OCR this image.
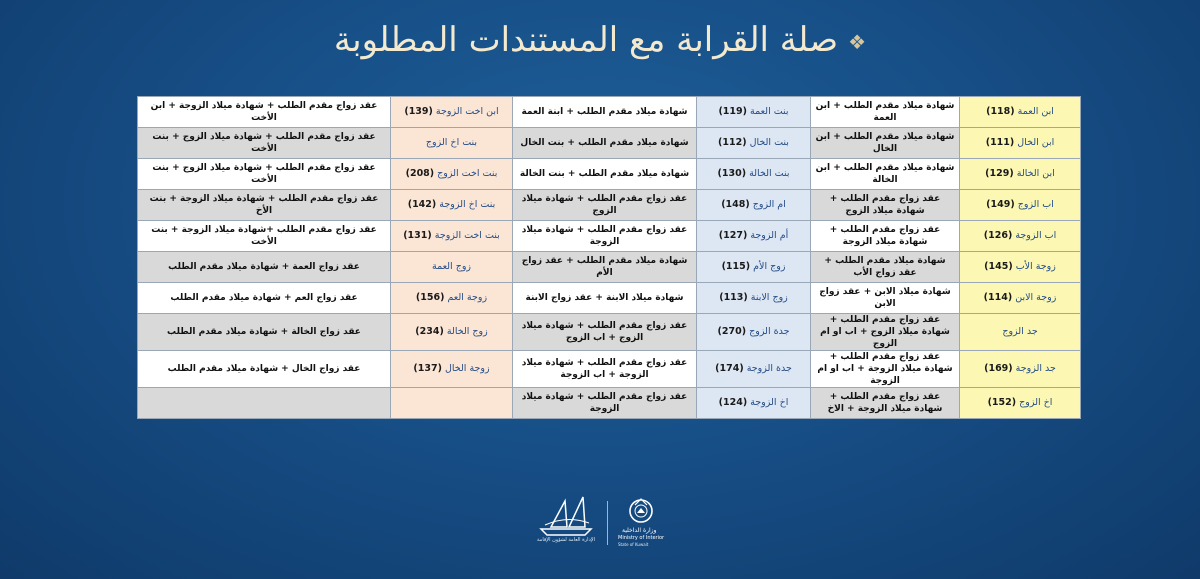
❖صلة القرابة مع المستندات المطلوبة
ابن العمة (118)	شهادة ميلاد مقدم الطلب + ابن العمة	بنت العمة (119)	شهادة ميلاد مقدم الطلب + ابنة العمة	ابن اخت الزوجة (139)	عقد زواج مقدم الطلب + شهادة ميلاد الزوجة + ابن الأخت
ابن الخال (111)	شهادة ميلاد مقدم الطلب + ابن الخال	بنت الخال (112)	شهادة ميلاد مقدم الطلب + بنت الخال	بنت اخ الزوج	عقد زواج مقدم الطلب + شهادة ميلاد الزوج + بنت الأخت
ابن الخالة (129)	شهادة ميلاد مقدم الطلب + ابن الخالة	بنت الخالة (130)	شهادة ميلاد مقدم الطلب + بنت الخالة	بنت اخت الزوج (208)	عقد زواج مقدم الطلب + شهادة ميلاد الزوج + بنت الأخت
اب الزوج (149)	عقد زواج مقدم الطلب + شهادة ميلاد الزوج	ام الزوج (148)	عقد زواج مقدم الطلب + شهادة ميلاد الزوج	بنت اخ الزوجة (142)	عقد زواج مقدم الطلب + شهادة ميلاد الزوجة + بنت الأخ
اب الزوجة (126)	عقد زواج مقدم الطلب + شهادة ميلاد الزوجة	أم الزوجة (127)	عقد زواج مقدم الطلب + شهادة ميلاد الزوجة	بنت اخت الزوجة (131)	عقد زواج مقدم الطلب +شهادة ميلاد الزوجة + بنت الأخت
زوجة الأب (145)	شهادة ميلاد مقدم الطلب + عقد زواج الأب	زوج الأم (115)	شهادة ميلاد مقدم الطلب + عقد زواج الأم	زوج العمة	عقد زواج العمة + شهادة ميلاد مقدم الطلب
زوجة الابن (114)	شهادة ميلاد الابن + عقد زواج الابن	زوج الابنة (113)	شهادة ميلاد الابنة + عقد زواج الابنة	زوجة العم (156)	عقد زواج العم + شهادة ميلاد مقدم الطلب
جد الزوج	عقد زواج مقدم الطلب + شهادة ميلاد الزوج + اب او ام الزوج	جدة الزوج (270)	عقد زواج مقدم الطلب + شهادة ميلاد الزوج + اب الزوج	زوج الخالة (234)	عقد زواج الخالة + شهادة ميلاد مقدم الطلب
جد الزوجة (169)	عقد زواج مقدم الطلب + شهادة ميلاد الزوجة + اب او ام الزوجة	جدة الزوجة (174)	عقد زواج مقدم الطلب + شهادة ميلاد الزوجة + اب الزوجة	زوجة الخال (137)	عقد زواج الخال + شهادة ميلاد مقدم الطلب
اخ الزوج (152)	عقد زواج مقدم الطلب + شهادة ميلاد الزوجة + الاخ	اخ الزوجة (124)	عقد زواج مقدم الطلب + شهادة ميلاد الزوجة		
الإدارة العامة لشؤون الإقامة
وزارة الداخلية
Ministry of Interior
State of Kuwait
